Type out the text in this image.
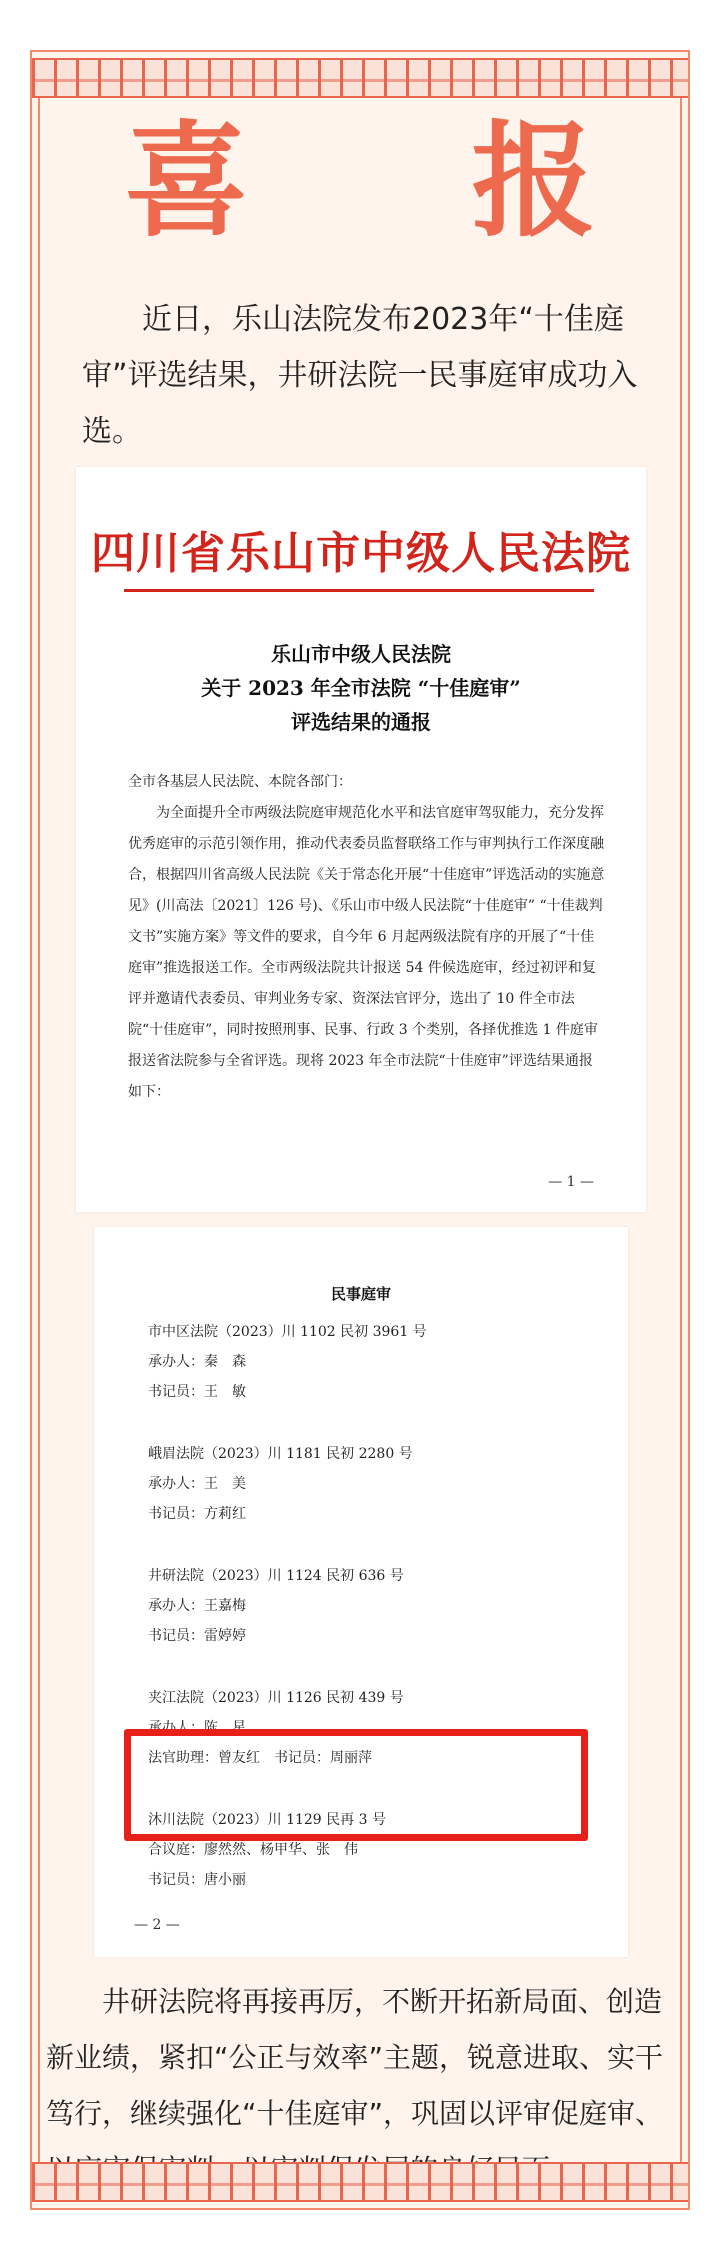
喜 报

近日，乐山法院发布2023年“十佳庭审”评选结果，井研法院一民事庭审成功入选。

四川省乐山市中级人民法院
乐山市中级人民法院
关于 2023 年全市法院 “十佳庭审”
评选结果的通报

全市各基层人民法院、本院各部门：

为全面提升全市两级法院庭审规范化水平和法官庭审驾驭能力，充分发挥优秀庭审的示范引领作用，推动代表委员监督联络工作与审判执行工作深度融合，根据四川省高级人民法院《关于常态化开展“十佳庭审”评选活动的实施意见》(川高法〔2021〕126 号)、《乐山市中级人民法院“十佳庭审” “十佳裁判文书”实施方案》等文件的要求，自今年 6 月起两级法院有序的开展了“十佳庭审”推选报送工作。全市两级法院共计报送 54 件候选庭审，经过初评和复评并邀请代表委员、审判业务专家、资深法官评分，选出了 10 件全市法院“十佳庭审”，同时按照刑事、民事、行政 3 个类别，各择优推选 1 件庭审报送省法院参与全省评选。现将 2023 年全市法院“十佳庭审”评选结果通报如下：

— 1 —
民事庭审

市中区法院（2023）川 1102 民初 3961 号

承办人：秦　森

书记员：王　敏

峨眉法院（2023）川 1181 民初 2280 号

承办人：王　美

书记员：方莉红

井研法院（2023）川 1124 民初 636 号

承办人：王嘉梅

书记员：雷婷婷

夹江法院（2023）川 1126 民初 439 号

承办人：陈　星

法官助理：曾友红　书记员：周丽萍

沐川法院（2023）川 1129 民再 3 号

合议庭：廖然然、杨甲华、张　伟

书记员：唐小丽

— 2 —

井研法院将再接再厉，不断开拓新局面、创造新业绩，紧扣“公正与效率”主题，锐意进取、实干笃行，继续强化“十佳庭审”，巩固以评审促庭审、
